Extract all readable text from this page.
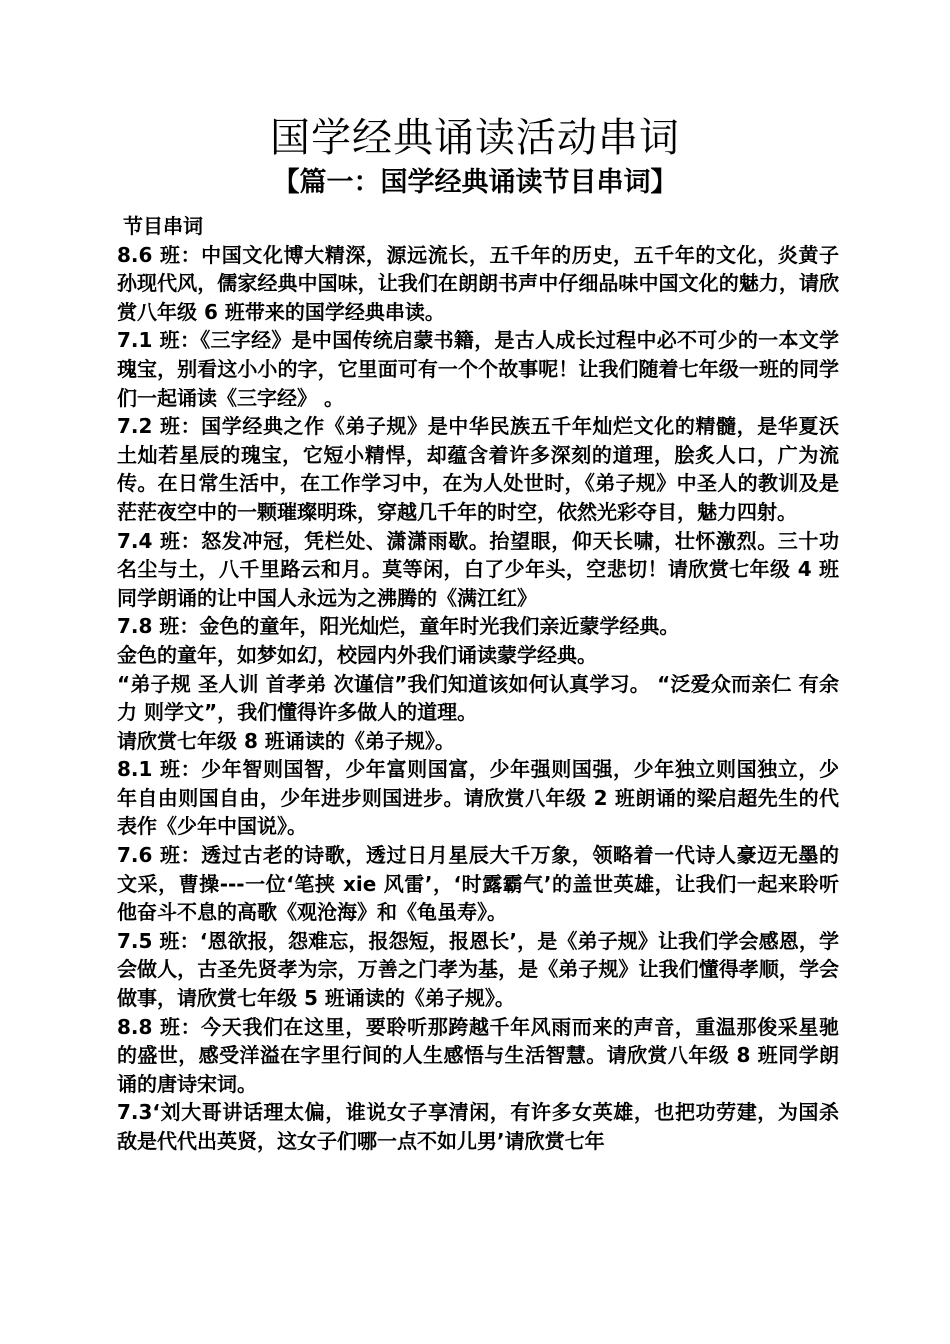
国学经典诵读活动串词
【篇一：国学经典诵读节目串词】

节目串词

8.6 班：中国文化博大精深，源远流长，五千年的历史，五千年的文化，炎黄子孙现代风，儒家经典中国味，让我们在朗朗书声中仔细品味中国文化的魅力，请欣赏八年级 6 班带来的国学经典串读。

7.1 班：《三字经》是中国传统启蒙书籍，是古人成长过程中必不可少的一本文学瑰宝，别看这小小的字，它里面可有一个个故事呢！让我们随着七年级一班的同学们一起诵读《三字经》 。

7.2 班：国学经典之作《弟子规》是中华民族五千年灿烂文化的精髓，是华夏沃土灿若星辰的瑰宝，它短小精悍，却蕴含着许多深刻的道理，脍炙人口，广为流传。在日常生活中，在工作学习中，在为人处世时，《弟子规》中圣人的教训及是茫茫夜空中的一颗璀璨明珠，穿越几千年的时空，依然光彩夺目，魅力四射。

7.4 班：怒发冲冠，凭栏处、潇潇雨歇。抬望眼，仰天长啸，壮怀激烈。三十功名尘与土，八千里路云和月。莫等闲，白了少年头，空悲切！请欣赏七年级 4 班同学朗诵的让中国人永远为之沸腾的《满江红》

7.8 班：金色的童年，阳光灿烂，童年时光我们亲近蒙学经典。

金色的童年，如梦如幻，校园内外我们诵读蒙学经典。

“弟子规 圣人训 首孝弟 次谨信”我们知道该如何认真学习。 “泛爱众而亲仁 有余力 则学文”，我们懂得许多做人的道理。

请欣赏七年级 8 班诵读的《弟子规》。

8.1 班：少年智则国智，少年富则国富，少年强则国强，少年独立则国独立，少年自由则国自由，少年进步则国进步。请欣赏八年级 2 班朗诵的梁启超先生的代表作《少年中国说》。

7.6 班：透过古老的诗歌，透过日月星辰大千万象，领略着一代诗人豪迈无墨的文采，曹操---一位‘笔挟 xie 风雷’，‘时露霸气’的盖世英雄，让我们一起来聆听他奋斗不息的高歌《观沧海》和《龟虽寿》。

7.5 班：‘恩欲报，怨难忘，报怨短，报恩长’，是《弟子规》让我们学会感恩，学会做人，古圣先贤孝为宗，万善之门孝为基，是《弟子规》让我们懂得孝顺，学会做事，请欣赏七年级 5 班诵读的《弟子规》。

8.8 班：今天我们在这里，要聆听那跨越千年风雨而来的声音，重温那俊采星驰的盛世，感受洋溢在字里行间的人生感悟与生活智慧。请欣赏八年级 8 班同学朗诵的唐诗宋词。

7.3‘刘大哥讲话理太偏，谁说女子享清闲，有许多女英雄，也把功劳建，为国杀敌是代代出英贤，这女子们哪一点不如儿男’请欣赏七年
